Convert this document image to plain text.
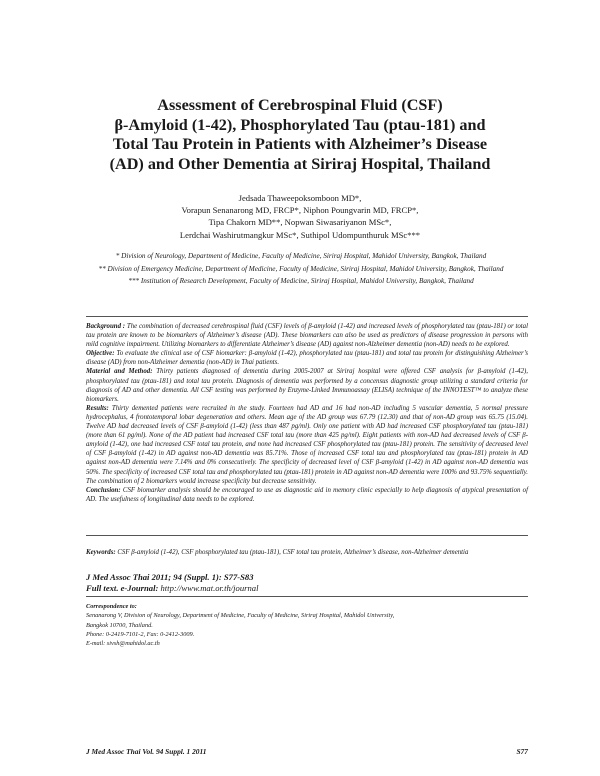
Assessment of Cerebrospinal Fluid (CSF)
β-Amyloid (1-42), Phosphorylated Tau (ptau-181) and
Total Tau Protein in Patients with Alzheimer’s Disease
(AD) and Other Dementia at Siriraj Hospital, Thailand
Jedsada Thaweepoksomboon MD*,
Vorapun Senanarong MD, FRCP*, Niphon Poungvarin MD, FRCP*,
Tipa Chakorn MD**, Nopwan Siwasariyanon MSc*,
Lerdchai Washirutmangkur MSc*, Suthipol Udompunthuruk MSc***

* Division of Neurology, Department of Medicine, Faculty of Medicine, Siriraj Hospital, Mahidol University, Bangkok, Thailand

** Division of Emergency Medicine, Department of Medicine, Faculty of Medicine, Siriraj Hospital, Mahidol University, Bangkok, Thailand

*** Institution of Research Development, Faculty of Medicine, Siriraj Hospital, Mahidol University, Bangkok, Thailand

Background : The combination of decreased cerebrospinal fluid (CSF) levels of β-amyloid (1-42) and increased levels of phosphorylated tau (ptau-181) or total tau protein are known to be biomarkers of Alzheimer’s disease (AD). These biomarkers can also be used as predictors of disease progression in persons with mild cognitive impairment. Utilizing biomarkers to differentiate Alzheimer’s disease (AD) against non-Alzheimer dementia (non-AD) needs to be explored.

Objective: To evaluate the clinical use of CSF biomarker: β-amyloid (1-42), phosphorylated tau (ptau-181) and total tau protein for distinguishing Alzheimer’s disease (AD) from non-Alzheimer dementia (non-AD) in Thai patients.

Material and Method: Thirty patients diagnosed of dementia during 2005-2007 at Siriraj hospital were offered CSF analysis for β-amyloid (1-42), phosphorylated tau (ptau-181) and total tau protein. Diagnosis of dementia was performed by a concensus diagnostic group utilizing a standard criteria for diagnosis of AD and other dementia. All CSF testing was performed by Enzyme-Linked Immunoassay (ELISA) technique of the INNOTEST™ to analyze these biomarkers.

Results: Thirty demented patients were recruited in the study. Fourteen had AD and 16 had non-AD including 5 vascular dementia, 5 normal pressure hydrocephalus, 4 frontotemporal lobar degeneration and others. Mean age of the AD group was 67.79 (12.30) and that of non-AD group was 65.75 (15.04). Twelve AD had decreased levels of CSF β-amyloid (1-42) (less than 487 pg/ml). Only one patient with AD had increased CSF phosphorylated tau (ptau-181) (more than 61 pg/ml). None of the AD patient had increased CSF total tau (more than 425 pg/ml). Eight patients with non-AD had decreased levels of CSF β-amyloid (1-42), one had increased CSF total tau protein, and none had increased CSF phosphorylated tau (ptau-181) protein. The sensitivity of decreased level of CSF β-amyloid (1-42) in AD against non-AD dementia was 85.71%. Those of increased CSF total tau and phosphorylated tau (ptau-181) protein in AD against non-AD dementia were 7.14% and 0% consecutively. The specificity of decreased level of CSF β-amyloid (1-42) in AD against non-AD dementia was 50%. The specificity of increased CSF total tau and phosphorylated tau (ptau-181) protein in AD against non-AD dementia were 100% and 93.75% sequentially. The combination of 2 biomarkers would increase specificity but decrease sensitivity.

Conclusion: CSF biomarker analysis should be encouraged to use as diagnostic aid in memory clinic especially to help diagnosis of atypical presentation of AD. The usefulness of longitudinal data needs to be explored.

Keywords: CSF β-amyloid (1-42), CSF phosphorylated tau (ptau-181), CSF total tau protein, Alzheimer’s disease, non-Alzheimer dementia
J Med Assoc Thai 2011; 94 (Suppl. 1): S77-S83
Full text. e-Journal: http://www.mat.or.th/journal
Correspondence to:
Senanarong V, Division of Neurology, Department of Medicine, Faculty of Medicine, Siriraj Hospital, Mahidol University,
Bangkok 10700, Thailand.
Phone: 0-2419-7101-2, Fax: 0-2412-3009.
E-mail: sivsh@mahidol.ac.th
J Med Assoc Thai Vol. 94 Suppl. 1 2011	S77
